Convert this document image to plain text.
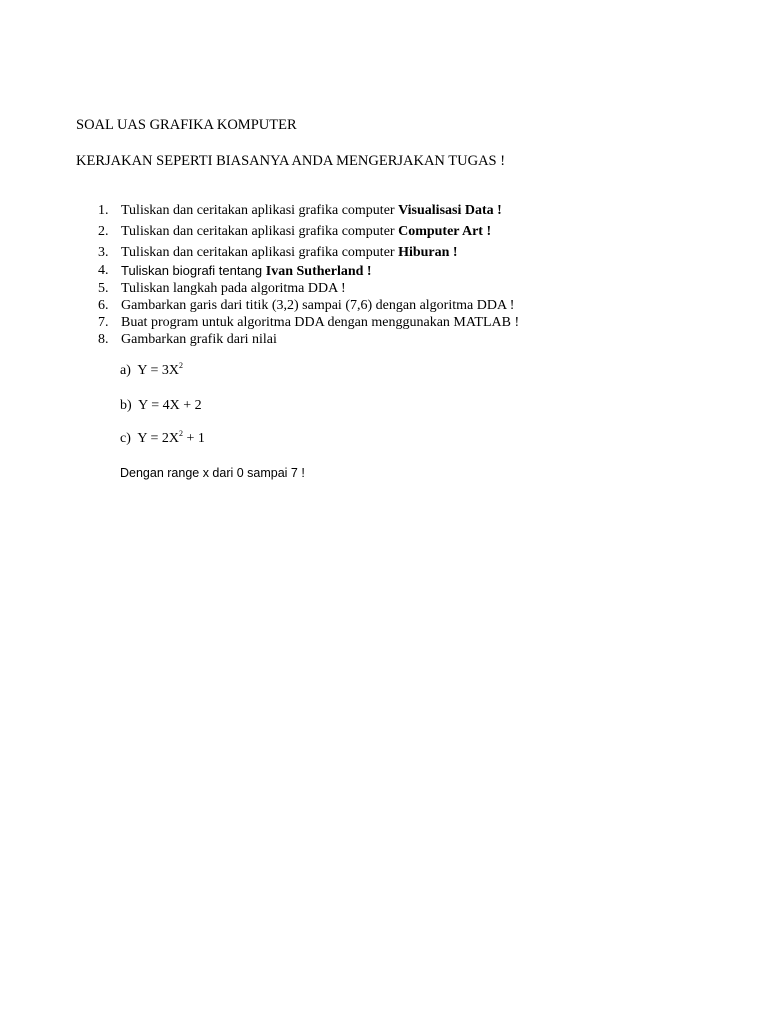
SOAL UAS GRAFIKA KOMPUTER

KERJAKAN SEPERTI BIASANYA ANDA MENGERJAKAN TUGAS !

1. Tuliskan dan ceritakan aplikasi grafika computer Visualisasi Data !
2. Tuliskan dan ceritakan aplikasi grafika computer Computer Art !
3. Tuliskan dan ceritakan aplikasi grafika computer Hiburan !
4. Tuliskan biografi tentang Ivan Sutherland !
5. Tuliskan langkah pada algoritma DDA !
6. Gambarkan garis dari titik (3,2) sampai (7,6) dengan algoritma DDA !
7. Buat program untuk algoritma DDA dengan menggunakan MATLAB !
8. Gambarkan grafik dari nilai
a) $Y = 3X^2$
b) Y = 4X + 2
c) $Y = 2X^2 + 1$

Dengan range x dari 0 sampai 7 !
